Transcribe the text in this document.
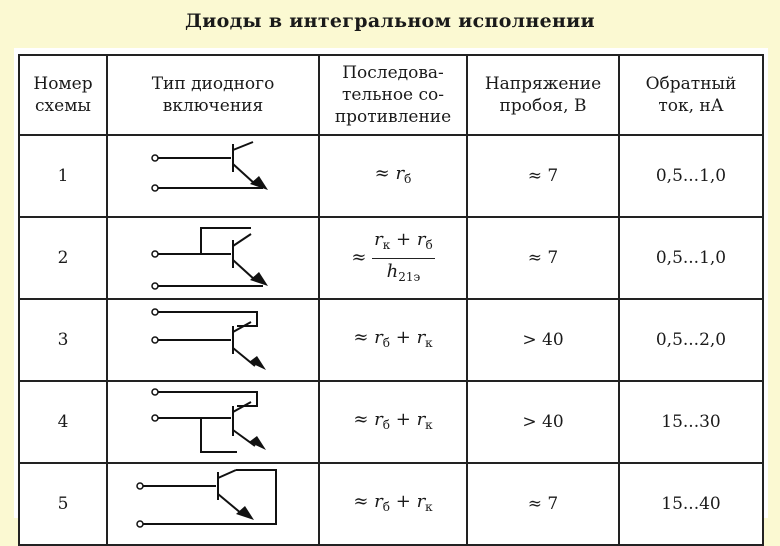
Диоды в интегральном исполнении
Номер
схемы	Тип диодного
включения	Последова-
тельное со-
противление	Напряжение
пробоя, В	Обратный
ток, нА

1		≈ $r_б$	≈ 7	0,5...1,0
2		≈ $\frac{r_к + r_б}{h_{21э}}$	≈ 7	0,5...1,0
3		≈ $r_б + r_к$	> 40	0,5...2,0
4		≈ $r_б + r_к$	> 40	15...30
5		≈ $r_б + r_к$	≈ 7	15...40
